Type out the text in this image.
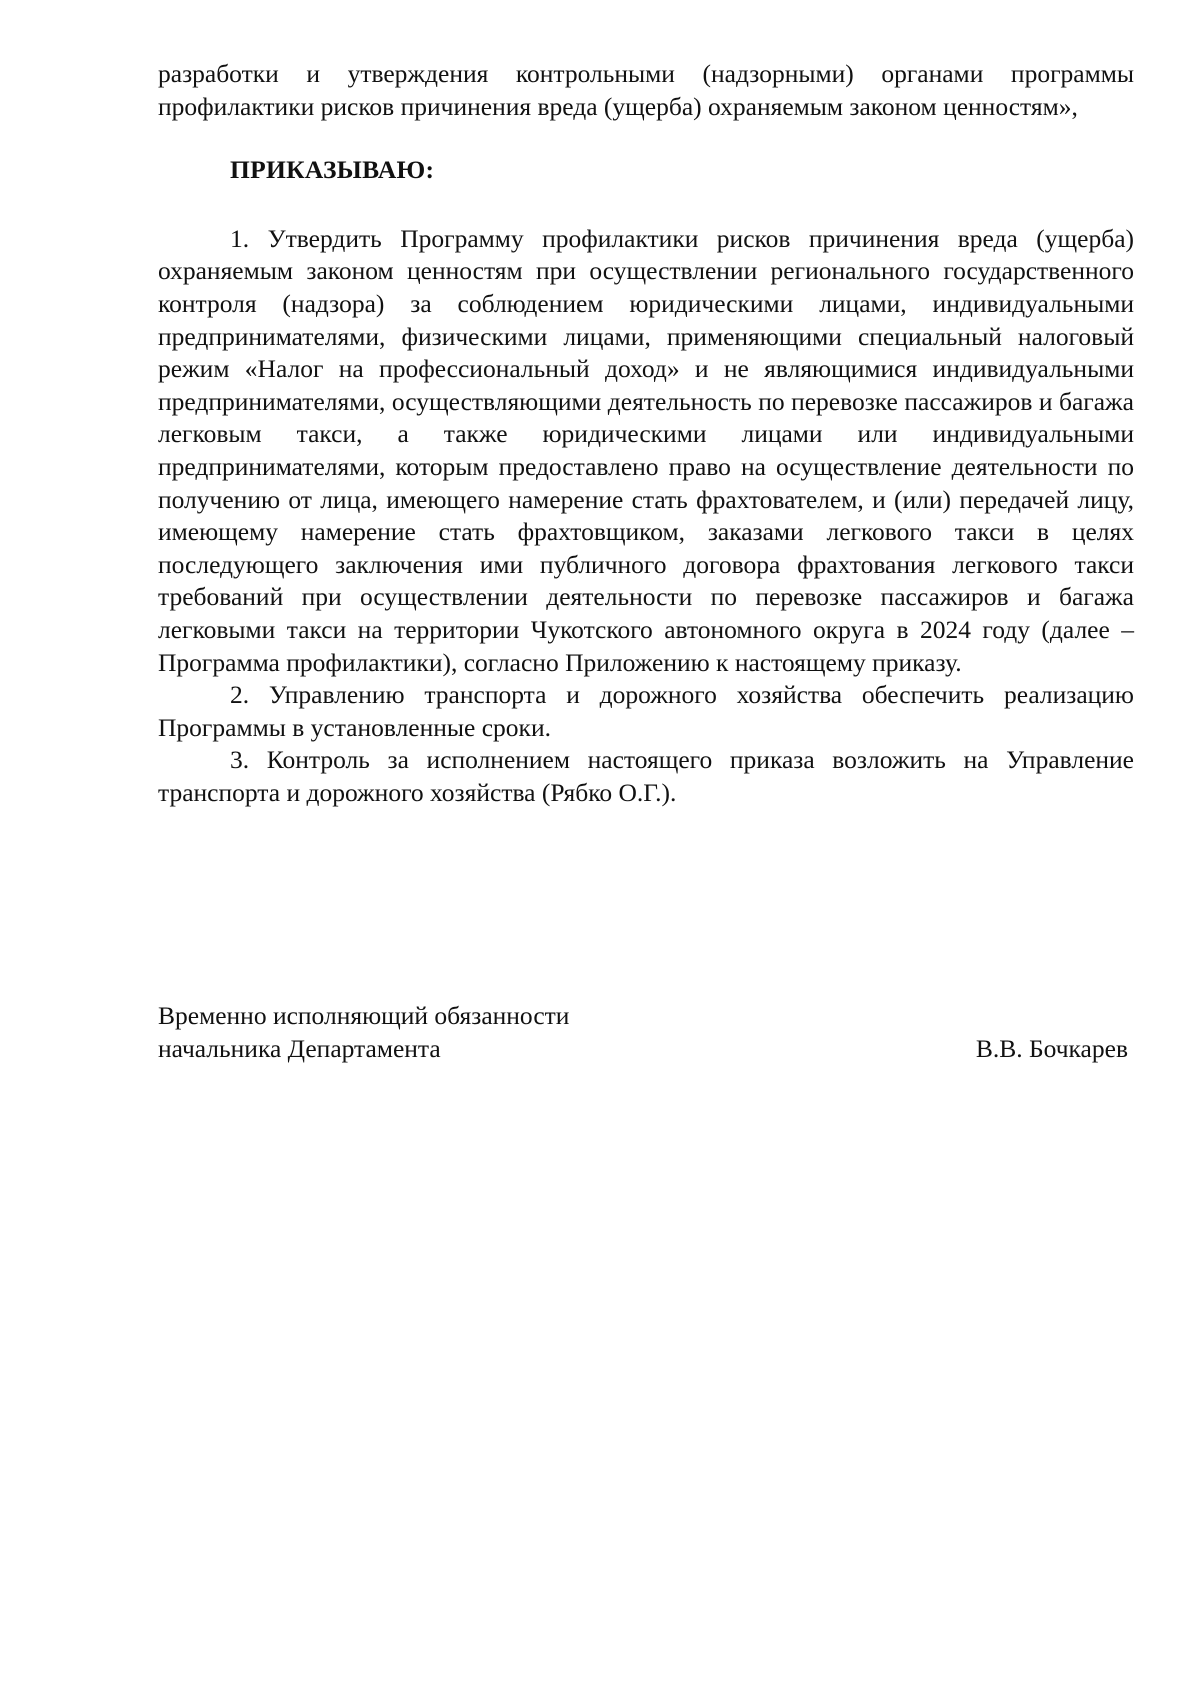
разработки и утверждения контрольными (надзорными) органами программы профилактики рисков причинения вреда (ущерба) охраняемым законом ценностям»,

ПРИКАЗЫВАЮ:

1. Утвердить Программу профилактики рисков причинения вреда (ущерба) охраняемым законом ценностям при осуществлении регионального государственного контроля (надзора) за соблюдением юридическими лицами, индивидуальными предпринимателями, физическими лицами, применяющими специальный налоговый режим «Налог на профессиональный доход» и не являющимися индивидуальными предпринимателями, осуществляющими деятельность по перевозке пассажиров и багажа легковым такси, а также юридическими лицами или индивидуальными предпринимателями, которым предоставлено право на осуществление деятельности по получению от лица, имеющего намерение стать фрахтователем, и (или) передачей лицу, имеющему намерение стать фрахтовщиком, заказами легкового такси в целях последующего заключения ими публичного договора фрахтования легкового такси требований при осуществлении деятельности по перевозке пассажиров и багажа легковыми такси на территории Чукотского автономного округа в 2024 году (далее – Программа профилактики), согласно Приложению к настоящему приказу.

2. Управлению транспорта и дорожного хозяйства обеспечить реализацию Программы в установленные сроки.

3. Контроль за исполнением настоящего приказа возложить на Управление транспорта и дорожного хозяйства (Рябко О.Г.).

Временно исполняющий обязанности

начальника Департамента	В.В. Бочкарев
